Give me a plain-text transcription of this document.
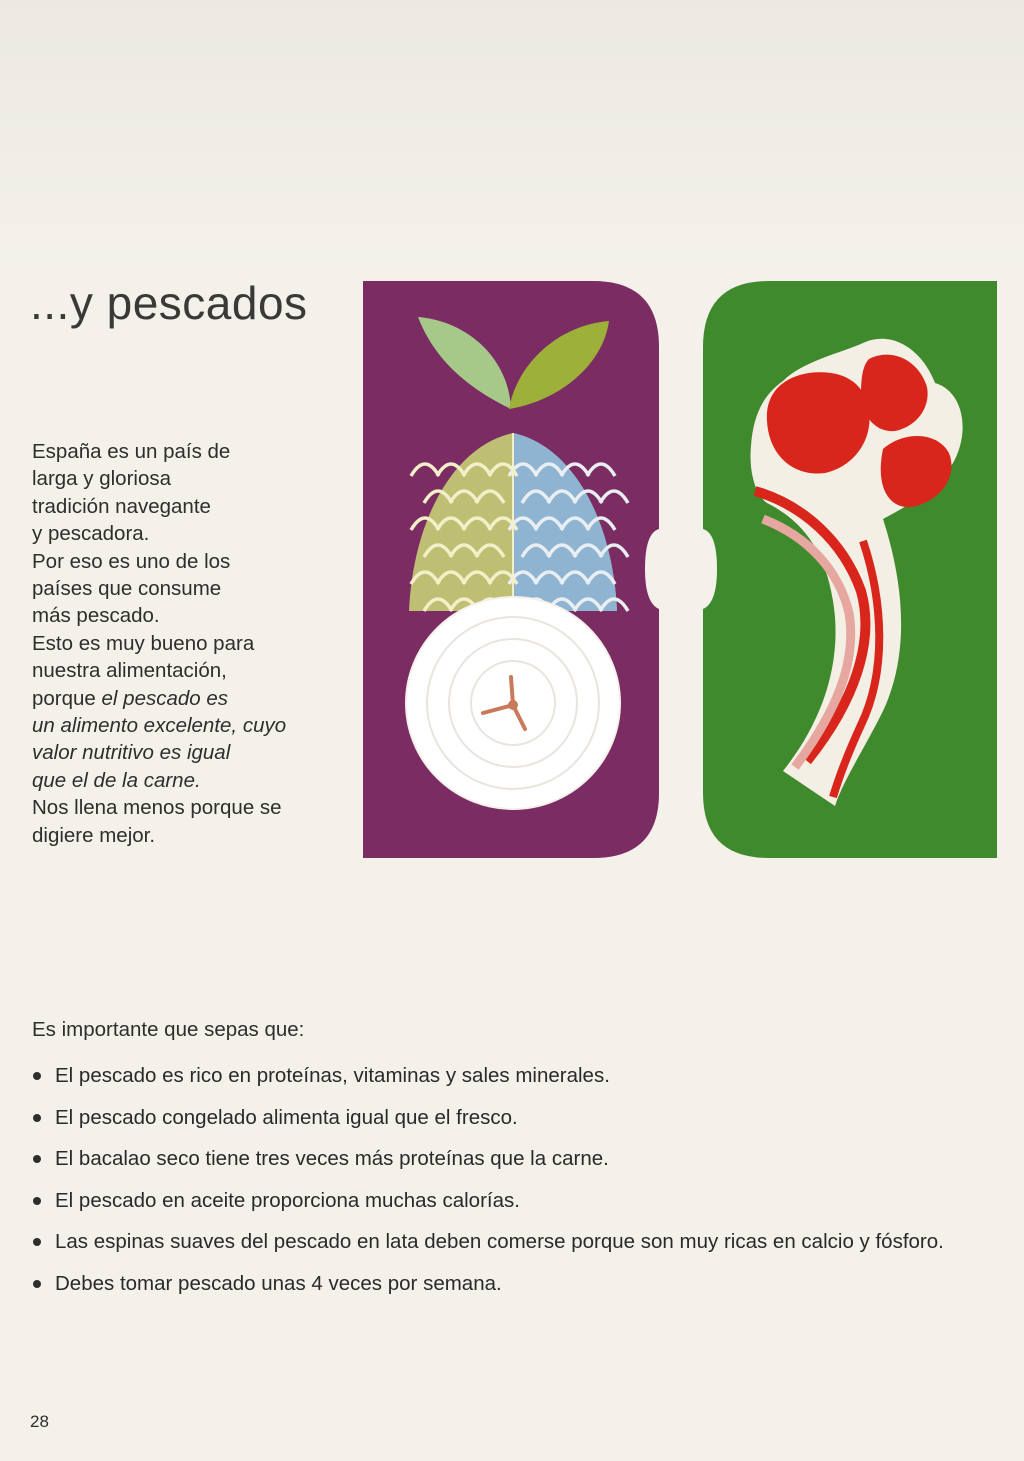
...y pescados
España es un país de
larga y gloriosa
tradición navegante
y pescadora.
Por eso es uno de los
países que consume
más pescado.
Esto es muy bueno para
nuestra alimentación,
porque el pescado es
un alimento excelente, cuyo
valor nutritivo es igual
que el de la carne.
Nos llena menos porque se
digiere mejor.
Es importante que sepas que:
El pescado es rico en proteínas, vitaminas y sales minerales.
El pescado congelado alimenta igual que el fresco.
El bacalao seco tiene tres veces más proteínas que la carne.
El pescado en aceite proporciona muchas calorías.
Las espinas suaves del pescado en lata deben comerse porque son muy ricas en calcio y fósforo.
Debes tomar pescado unas 4 veces por semana.
28
